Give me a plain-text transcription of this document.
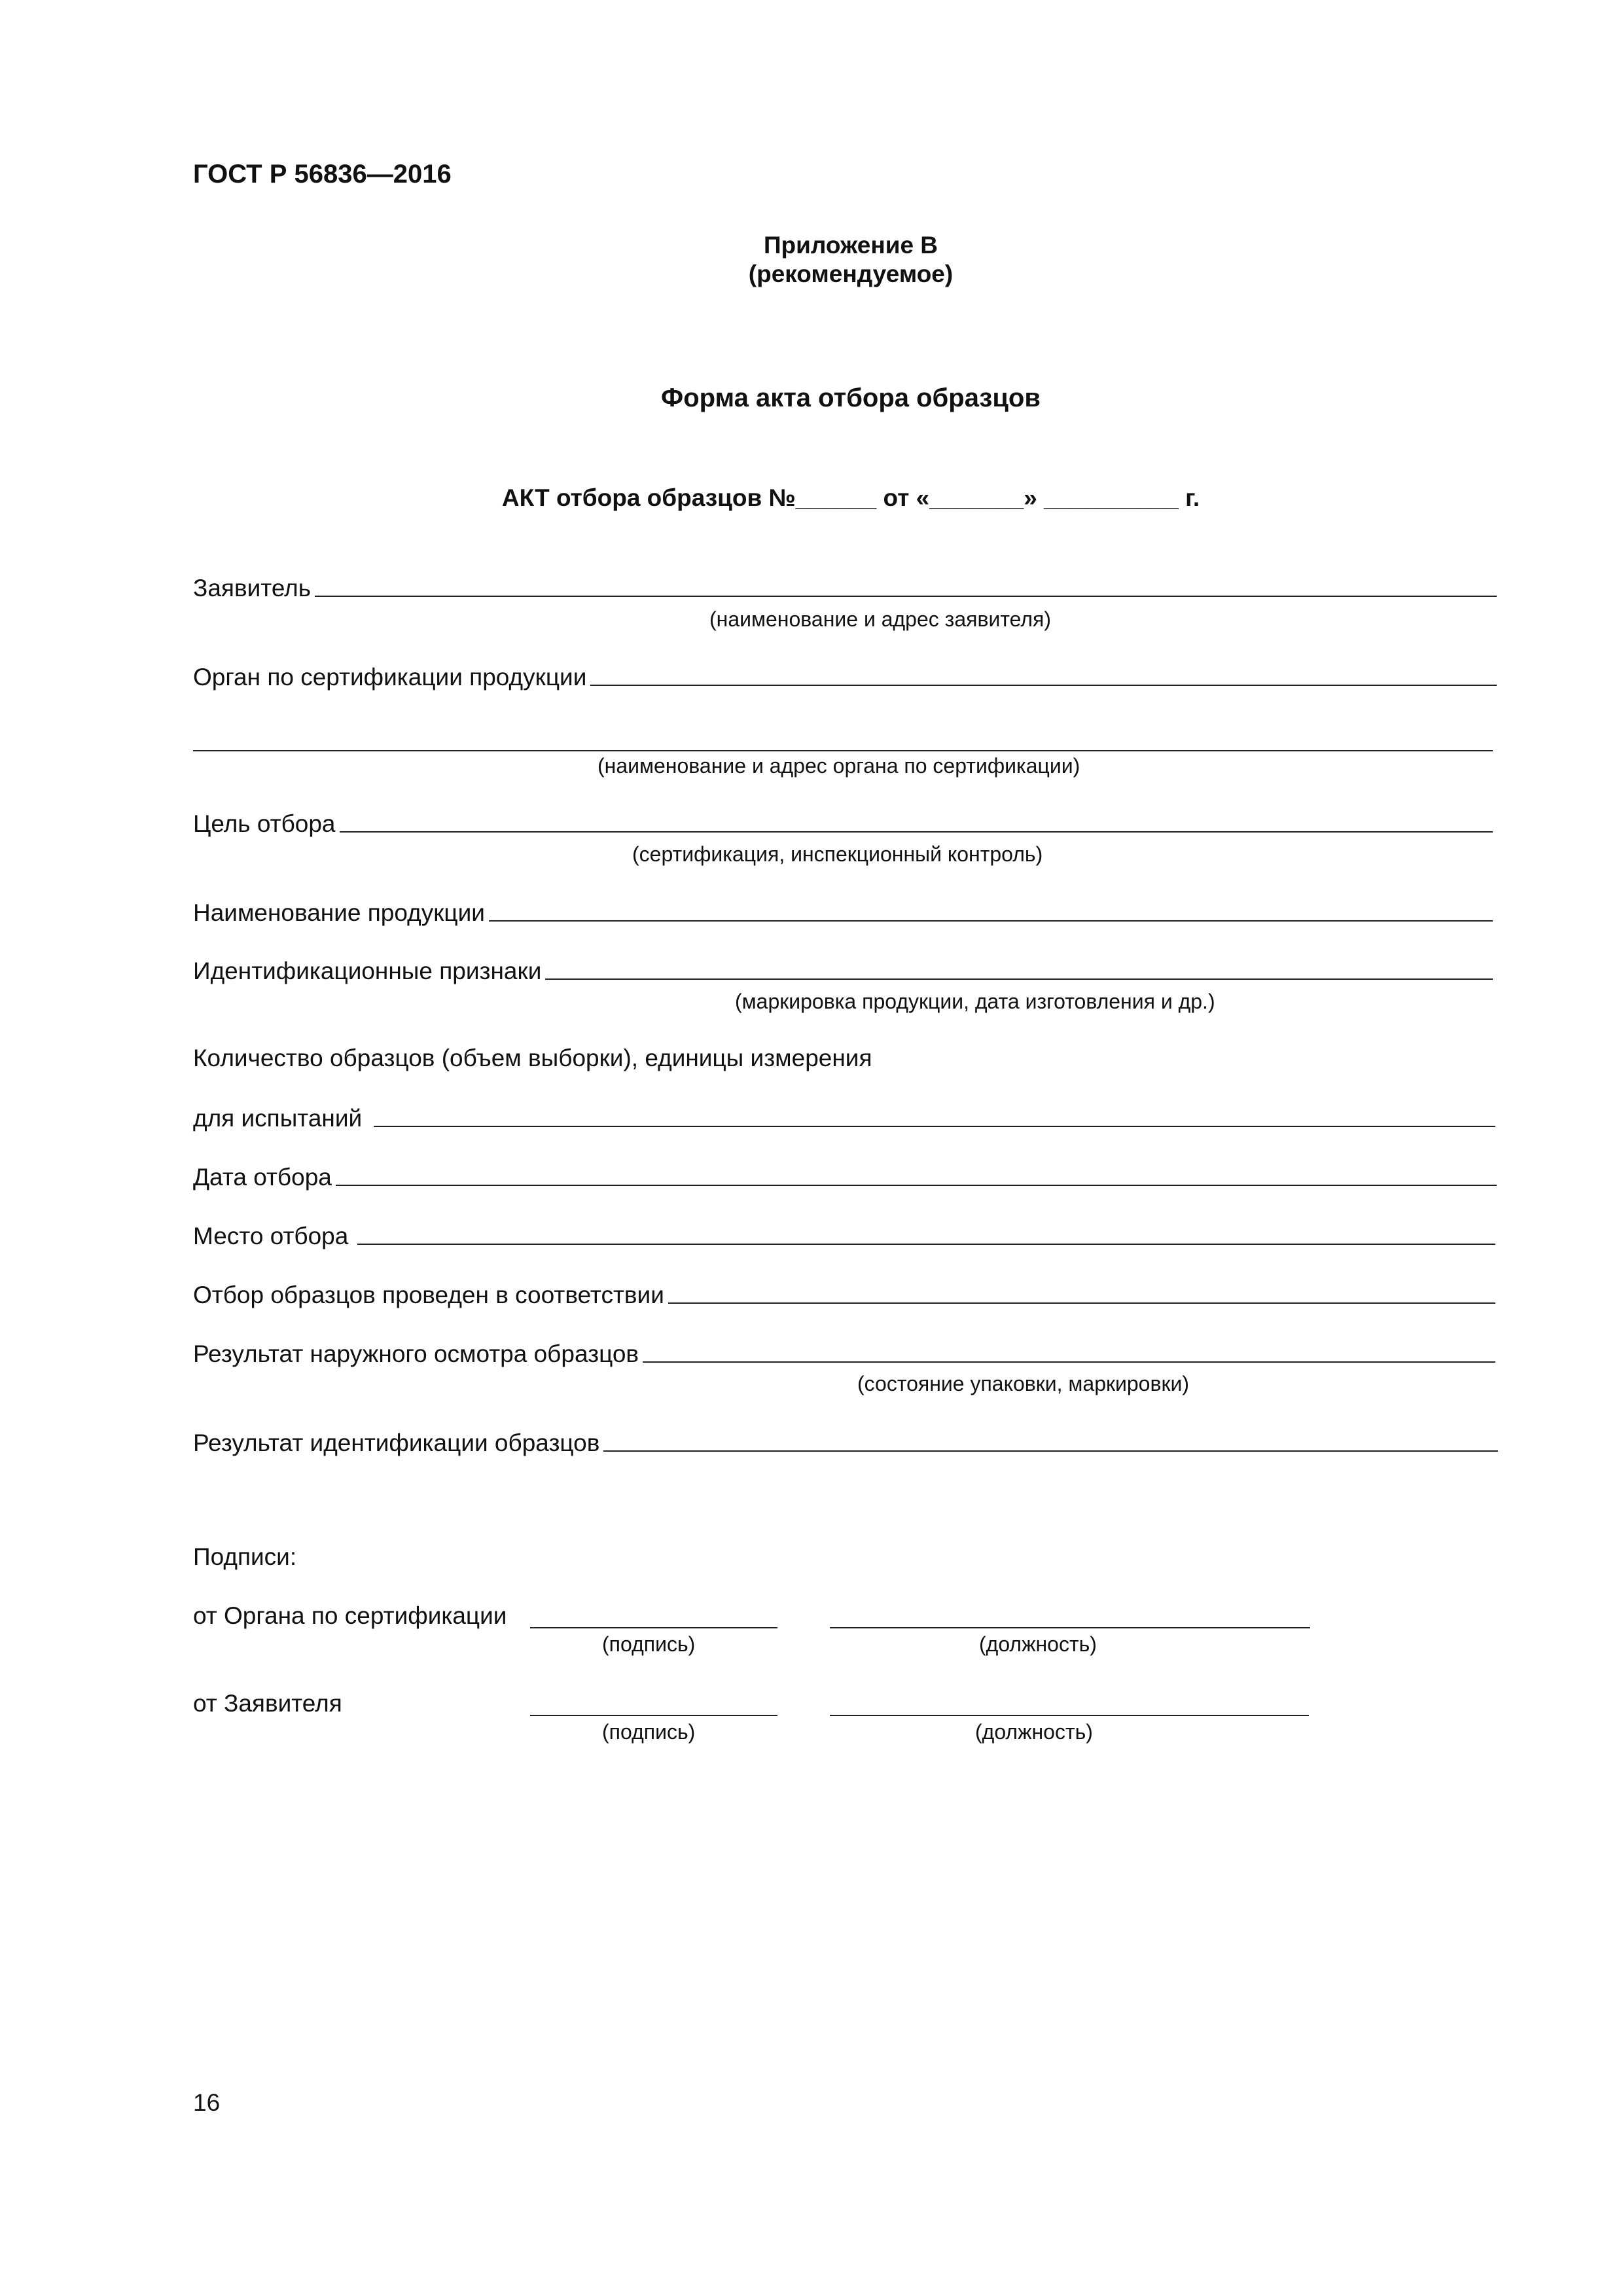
ГОСТ Р 56836—2016
Приложение В
(рекомендуемое)
Форма акта отбора образцов
АКТ отбора образцов №______ от «_______» __________ г.
Заявитель
(наименование и адрес заявителя)
Орган по сертификации продукции
(наименование и адрес органа по сертификации)
Цель отбора
(сертификация, инспекционный контроль)
Наименование продукции
Идентификационные признаки
(маркировка продукции, дата изготовления и др.)
Количество образцов (объем выборки), единицы измерения
для испытаний
Дата отбора
Место отбора
Отбор образцов проведен в соответствии
Результат наружного осмотра образцов
(состояние упаковки, маркировки)
Результат идентификации образцов
Подписи:
от Органа по сертификации
(подпись)	(должность)
от Заявителя
(подпись)	(должность)
16
